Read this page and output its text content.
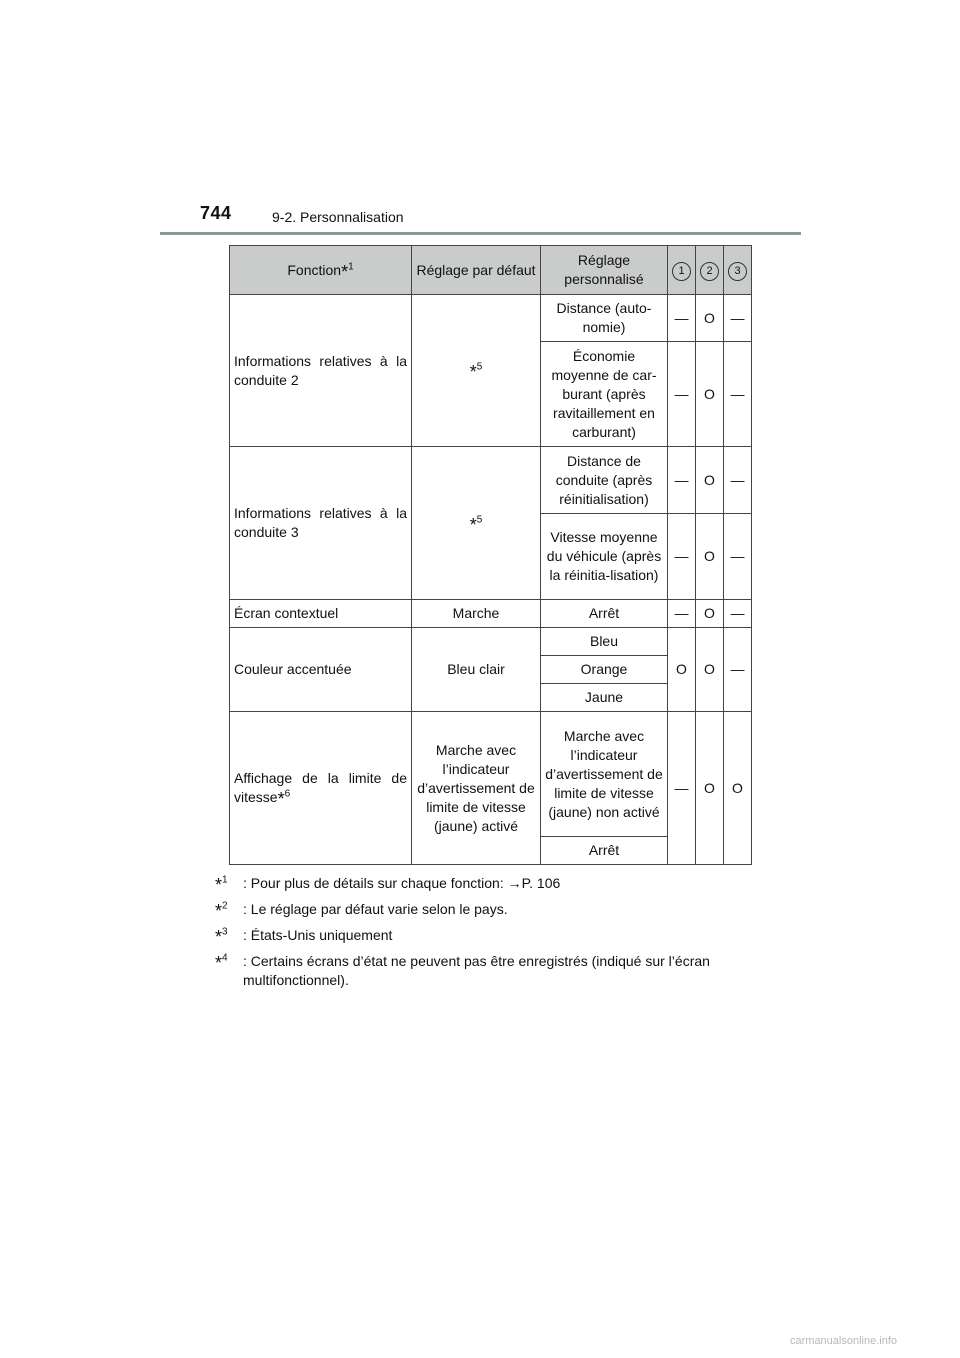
744	9-2. Personnalisation
Fonction*$^1$	Réglage par défaut	Réglage personnalisé	1	2	3
Informations relatives à la conduite 2	*$^5$	Distance (auto-nomie)	—	O	—
		Économie moyenne de car-burant (après ravitaillement en carburant)	—	O	—
Informations relatives à la conduite 3	*$^5$	Distance de conduite (après réinitialisation)	—	O	—
		Vitesse moyenne du véhicule (après la réinitia-lisation)	—	O	—
Écran contextuel	Marche	Arrêt	—	O	—
Couleur accentuée	Bleu clair	Bleu	O	O	—
		Orange			
		Jaune			
Affichage de la limite de vitesse*$^6$	Marche avec l’indicateur d’avertissement de limite de vitesse (jaune) activé	Marche avec l’indicateur d’avertissement de limite de vitesse (jaune) non activé	—	O	O
		Arrêt			
*$^1$	: Pour plus de détails sur chaque fonction: →P. 106
*$^2$	: Le réglage par défaut varie selon le pays.
*$^3$	: États-Unis uniquement
*$^4$	: Certains écrans d’état ne peuvent pas être enregistrés (indiqué sur l’écran multifonctionnel).
carmanualsonline.info
